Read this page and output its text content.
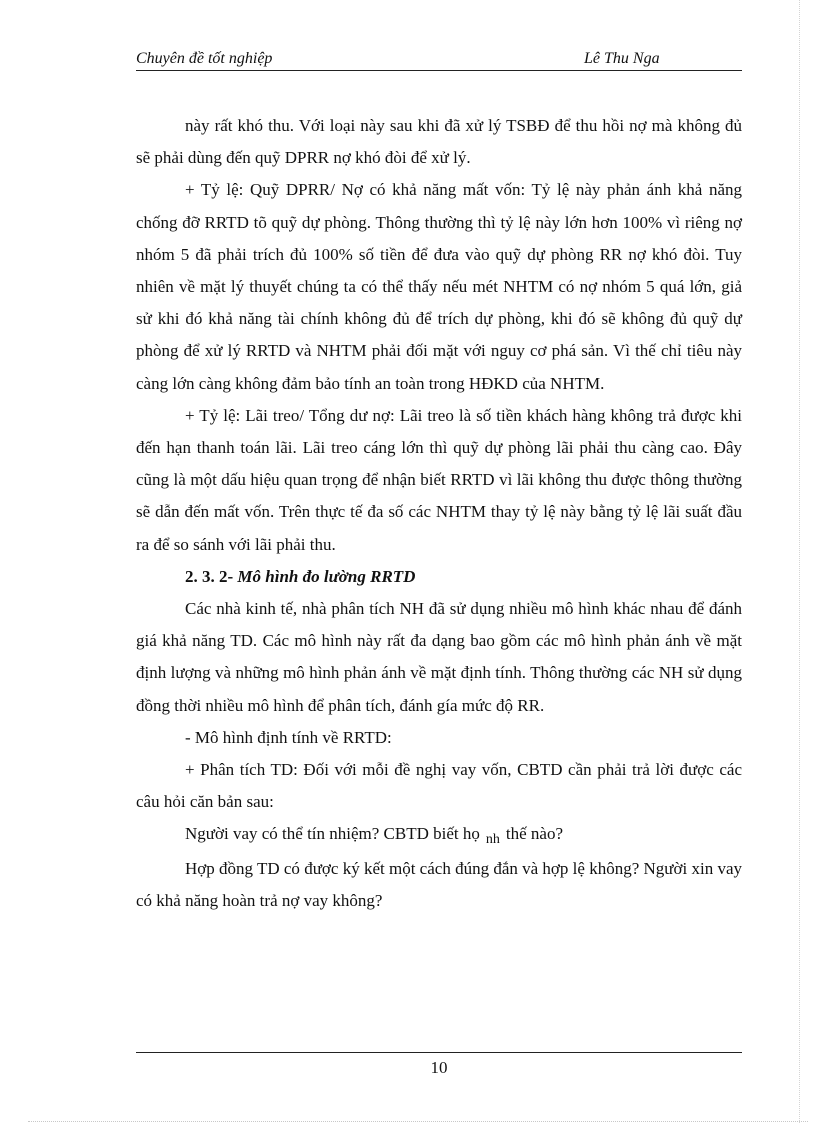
Chuyên đề tốt nghiệp	Lê Thu Nga

này rất khó thu. Với loại này sau khi đã xử lý TSBĐ để thu hồi nợ mà không đủ sẽ phải dùng đến quỹ DPRR nợ khó đòi để xử lý.

+ Tỷ lệ: Quỹ DPRR/ Nợ có khả năng mất vốn: Tỷ lệ này phản ánh khả năng chống đỡ RRTD tõ quỹ dự phòng. Thông thường thì tỷ lệ này lớn hơn 100% vì riêng nợ nhóm 5 đã phải trích đủ 100% số tiền để đưa vào quỹ dự phòng RR nợ khó đòi. Tuy nhiên về mặt lý thuyết chúng ta có thể thấy nếu mét NHTM có nợ nhóm 5 quá lớn, giả sử khi đó khả năng tài chính không đủ để trích dự phòng, khi đó sẽ không đủ quỹ dự phòng để xử lý RRTD và NHTM phải đối mặt với nguy cơ phá sản. Vì thế chỉ tiêu này càng lớn càng không đảm bảo tính an toàn trong HĐKD của NHTM.

+ Tỷ lệ: Lãi treo/ Tổng dư nợ: Lãi treo là số tiền khách hàng không trả được khi đến hạn thanh toán lãi. Lãi treo cáng lớn thì quỹ dự phòng lãi phải thu càng cao. Đây cũng là một dấu hiệu quan trọng để nhận biết RRTD vì lãi không thu được thông thường sẽ dẫn đến mất vốn. Trên thực tế đa số các NHTM thay tỷ lệ này bằng tỷ lệ lãi suất đầu ra để so sánh với lãi phải thu.

2. 3. 2- Mô hình đo lường RRTD

Các nhà kinh tế, nhà phân tích NH đã sử dụng nhiều mô hình khác nhau để đánh giá khả năng TD. Các mô hình này rất đa dạng bao gồm các mô hình phản ánh về mặt định lượng và những mô hình phản ánh về mặt định tính. Thông thường các NH sử dụng đồng thời nhiều mô hình để phân tích, đánh gía mức độ RR.

- Mô hình định tính về RRTD:

+ Phân tích TD: Đối với mỗi đề nghị vay vốn, CBTD cần phải trả lời được các câu hỏi căn bản sau:

Người vay có thể tín nhiệm? CBTD biết họ $_{nh}$ thế nào?

Hợp đồng TD có được ký kết một cách đúng đắn và hợp lệ không? Người xin vay có khả năng hoàn trả nợ vay không?

10
